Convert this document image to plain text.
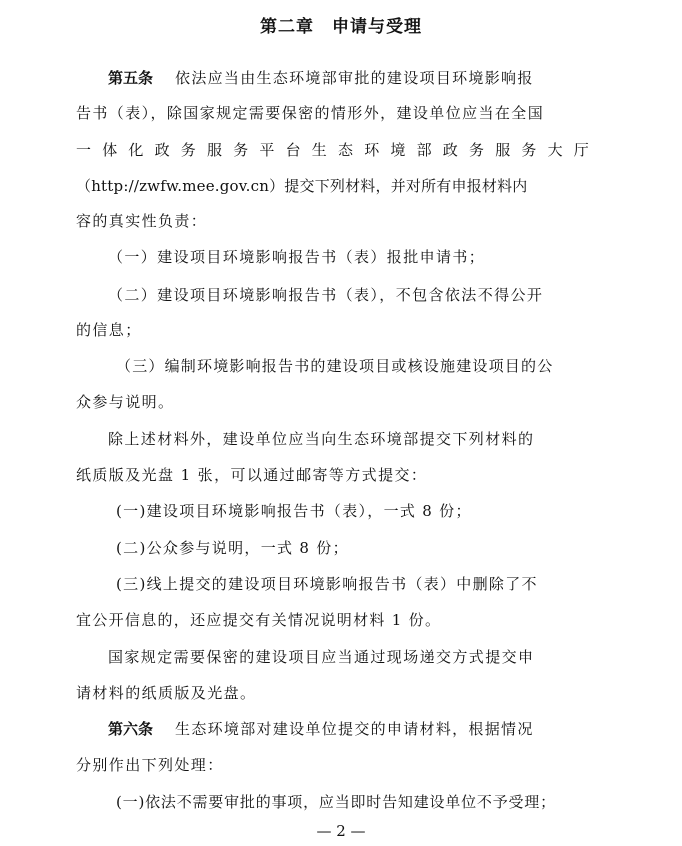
第二章　申请与受理
第五条 依法应当由生态环境部审批的建设项目环境影响报
告书（表），除国家规定需要保密的情形外，建设单位应当在全国
一体化政务服务平台生态环境部政务服务大厅
（http://zwfw.mee.gov.cn）提交下列材料，并对所有申报材料内
容的真实性负责：
（一）建设项目环境影响报告书（表）报批申请书；
（二）建设项目环境影响报告书（表），不包含依法不得公开
的信息；
（三）编制环境影响报告书的建设项目或核设施建设项目的公
众参与说明。
除上述材料外，建设单位应当向生态环境部提交下列材料的
纸质版及光盘 1 张，可以通过邮寄等方式提交：
(一)建设项目环境影响报告书（表），一式 8 份；
(二)公众参与说明，一式 8 份；
(三)线上提交的建设项目环境影响报告书（表）中删除了不
宜公开信息的，还应提交有关情况说明材料 1 份。
国家规定需要保密的建设项目应当通过现场递交方式提交申
请材料的纸质版及光盘。
第六条 生态环境部对建设单位提交的申请材料，根据情况
分别作出下列处理：
(一)依法不需要审批的事项，应当即时告知建设单位不予受理；
— 2 —
